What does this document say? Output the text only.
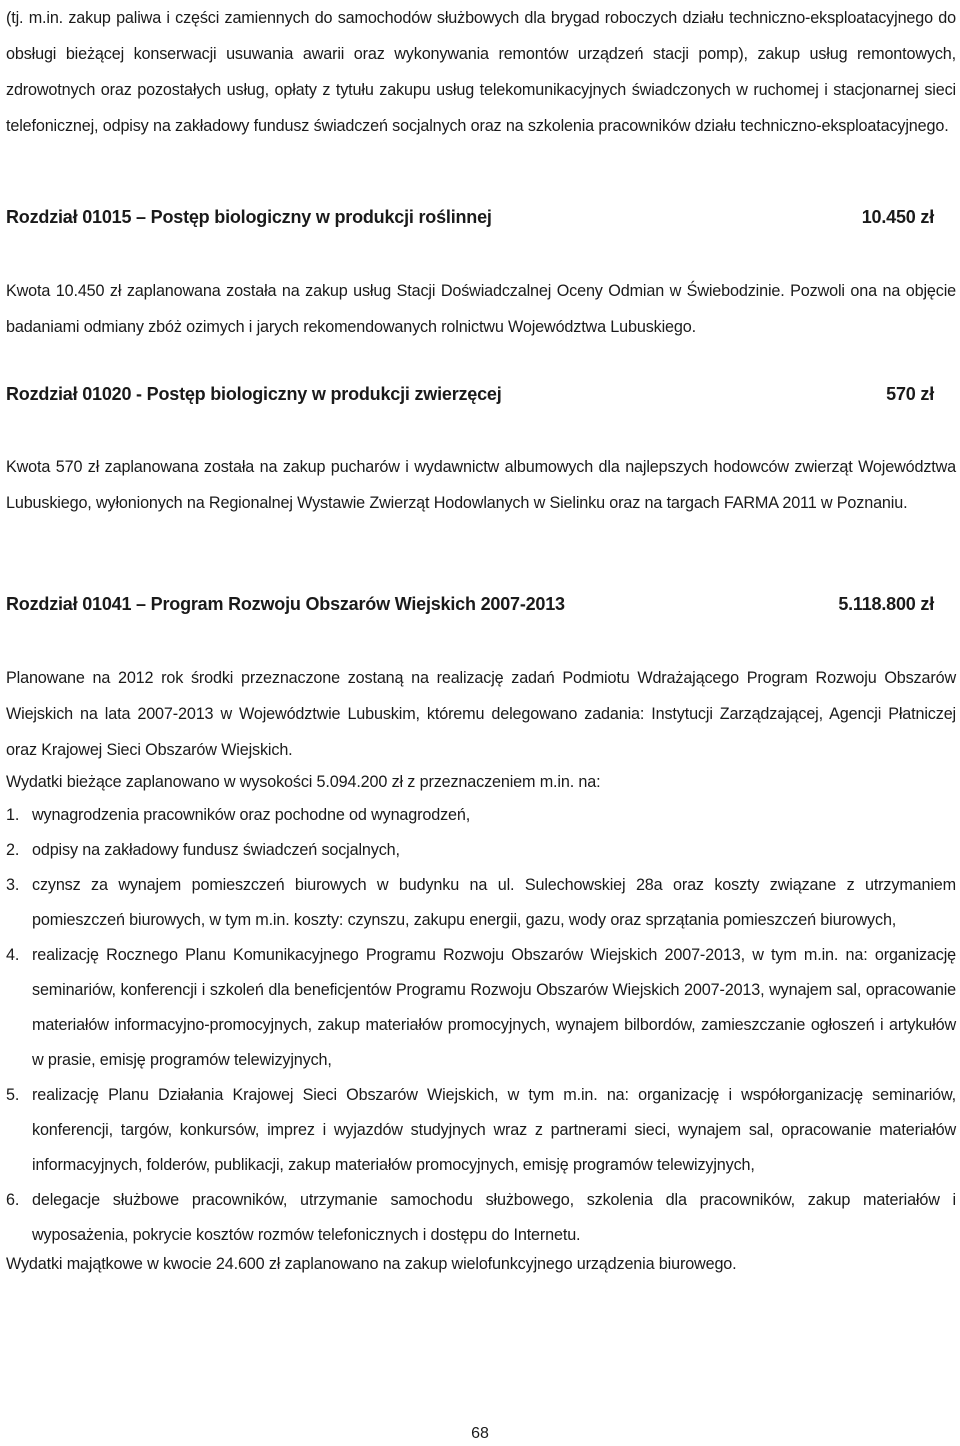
(tj. m.in. zakup paliwa i części zamiennych do samochodów służbowych dla brygad roboczych działu techniczno-eksploatacyjnego do obsługi bieżącej konserwacji usuwania awarii oraz wykonywania remontów urządzeń stacji pomp), zakup usług remontowych, zdrowotnych oraz pozostałych usług, opłaty z tytułu zakupu usług telekomunikacyjnych świadczonych w ruchomej i stacjonarnej sieci telefonicznej, odpisy na zakładowy fundusz świadczeń socjalnych oraz na szkolenia pracowników działu techniczno-eksploatacyjnego.

Rozdział 01015 – Postęp biologiczny w produkcji roślinnej	10.450 zł

Kwota 10.450 zł zaplanowana została na zakup usług Stacji Doświadczalnej Oceny Odmian w Świebodzinie. Pozwoli ona na objęcie badaniami odmiany zbóż ozimych i jarych rekomendowanych rolnictwu Województwa Lubuskiego.

Rozdział 01020 - Postęp biologiczny w produkcji zwierzęcej	570 zł

Kwota 570 zł zaplanowana została na zakup pucharów i wydawnictw albumowych dla najlepszych hodowców zwierząt Województwa Lubuskiego, wyłonionych na Regionalnej Wystawie Zwierząt Hodowlanych w Sielinku oraz na targach FARMA 2011 w Poznaniu.

Rozdział 01041 – Program Rozwoju Obszarów Wiejskich 2007-2013	5.118.800 zł

Planowane na 2012 rok środki przeznaczone zostaną na realizację zadań Podmiotu Wdrażającego Program Rozwoju Obszarów Wiejskich na lata 2007-2013 w Województwie Lubuskim, któremu delegowano zadania: Instytucji Zarządzającej, Agencji Płatniczej oraz Krajowej Sieci Obszarów Wiejskich.

Wydatki bieżące zaplanowano w wysokości 5.094.200 zł z przeznaczeniem m.in. na:

1. wynagrodzenia pracowników oraz pochodne od wynagrodzeń,
2. odpisy na zakładowy fundusz świadczeń socjalnych,
3. czynsz za wynajem pomieszczeń biurowych w budynku na ul. Sulechowskiej 28a oraz koszty związane z utrzymaniem pomieszczeń biurowych, w tym m.in. koszty: czynszu, zakupu energii, gazu, wody oraz sprzątania pomieszczeń biurowych,
4. realizację Rocznego Planu Komunikacyjnego Programu Rozwoju Obszarów Wiejskich 2007-2013, w tym m.in. na: organizację seminariów, konferencji i szkoleń dla beneficjentów Programu Rozwoju Obszarów Wiejskich 2007-2013, wynajem sal, opracowanie materiałów informacyjno-promocyjnych, zakup materiałów promocyjnych, wynajem bilbordów, zamieszczanie ogłoszeń i artykułów w prasie, emisję programów telewizyjnych,
5. realizację Planu Działania Krajowej Sieci Obszarów Wiejskich, w tym m.in. na: organizację i współorganizację seminariów, konferencji, targów, konkursów, imprez i wyjazdów studyjnych wraz z partnerami sieci, wynajem sal, opracowanie materiałów informacyjnych, folderów, publikacji, zakup materiałów promocyjnych, emisję programów telewizyjnych,
6. delegacje służbowe pracowników, utrzymanie samochodu służbowego, szkolenia dla pracowników, zakup materiałów i wyposażenia, pokrycie kosztów rozmów telefonicznych i dostępu do Internetu.

Wydatki majątkowe w kwocie 24.600 zł zaplanowano na zakup wielofunkcyjnego urządzenia biurowego.

68
